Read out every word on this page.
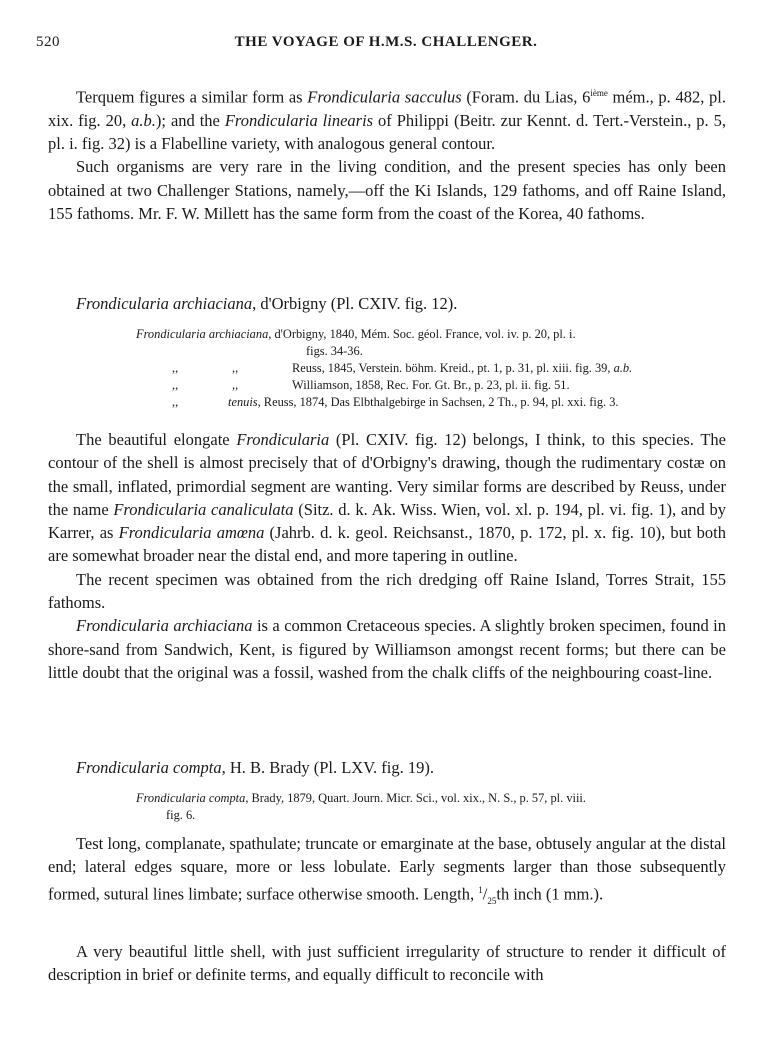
520	THE VOYAGE OF H.M.S. CHALLENGER.

Terquem figures a similar form as Frondicularia sacculus (Foram. du Lias, 6ième mém., p. 482, pl. xix. fig. 20, a.b.); and the Frondicularia linearis of Philippi (Beitr. zur Kennt. d. Tert.-Verstein., p. 5, pl. i. fig. 32) is a Flabelline variety, with analogous general contour.

Such organisms are very rare in the living condition, and the present species has only been obtained at two Challenger Stations, namely,—off the Ki Islands, 129 fathoms, and off Raine Island, 155 fathoms. Mr. F. W. Millett has the same form from the coast of the Korea, 40 fathoms.

Frondicularia archiaciana, d'Orbigny (Pl. CXIV. fig. 12).
Frondicularia archiaciana, d'Orbigny, 1840, Mém. Soc. géol. France, vol. iv. p. 20, pl. i.
figs. 34-36.
,,	,,	Reuss, 1845, Verstein. böhm. Kreid., pt. 1, p. 31, pl. xiii. fig. 39, a.b.
,,	,,	Williamson, 1858, Rec. For. Gt. Br., p. 23, pl. ii. fig. 51.
,,	tenuis, Reuss, 1874, Das Elbthalgebirge in Sachsen, 2 Th., p. 94, pl. xxi. fig. 3.

The beautiful elongate Frondicularia (Pl. CXIV. fig. 12) belongs, I think, to this species. The contour of the shell is almost precisely that of d'Orbigny's drawing, though the rudimentary costæ on the small, inflated, primordial segment are wanting. Very similar forms are described by Reuss, under the name Frondicularia canaliculata (Sitz. d. k. Ak. Wiss. Wien, vol. xl. p. 194, pl. vi. fig. 1), and by Karrer, as Frondicularia amœna (Jahrb. d. k. geol. Reichsanst., 1870, p. 172, pl. x. fig. 10), but both are somewhat broader near the distal end, and more tapering in outline.

The recent specimen was obtained from the rich dredging off Raine Island, Torres Strait, 155 fathoms.

Frondicularia archiaciana is a common Cretaceous species. A slightly broken specimen, found in shore-sand from Sandwich, Kent, is figured by Williamson amongst recent forms; but there can be little doubt that the original was a fossil, washed from the chalk cliffs of the neighbouring coast-line.

Frondicularia compta, H. B. Brady (Pl. LXV. fig. 19).
Frondicularia compta, Brady, 1879, Quart. Journ. Micr. Sci., vol. xix., N. S., p. 57, pl. viii.
fig. 6.

Test long, complanate, spathulate; truncate or emarginate at the base, obtusely angular at the distal end; lateral edges square, more or less lobulate. Early segments larger than those subsequently formed, sutural lines limbate; surface otherwise smooth. Length, $^1/_{25}th$ inch (1 mm.).

A very beautiful little shell, with just sufficient irregularity of structure to render it difficult of description in brief or definite terms, and equally difficult to reconcile with
